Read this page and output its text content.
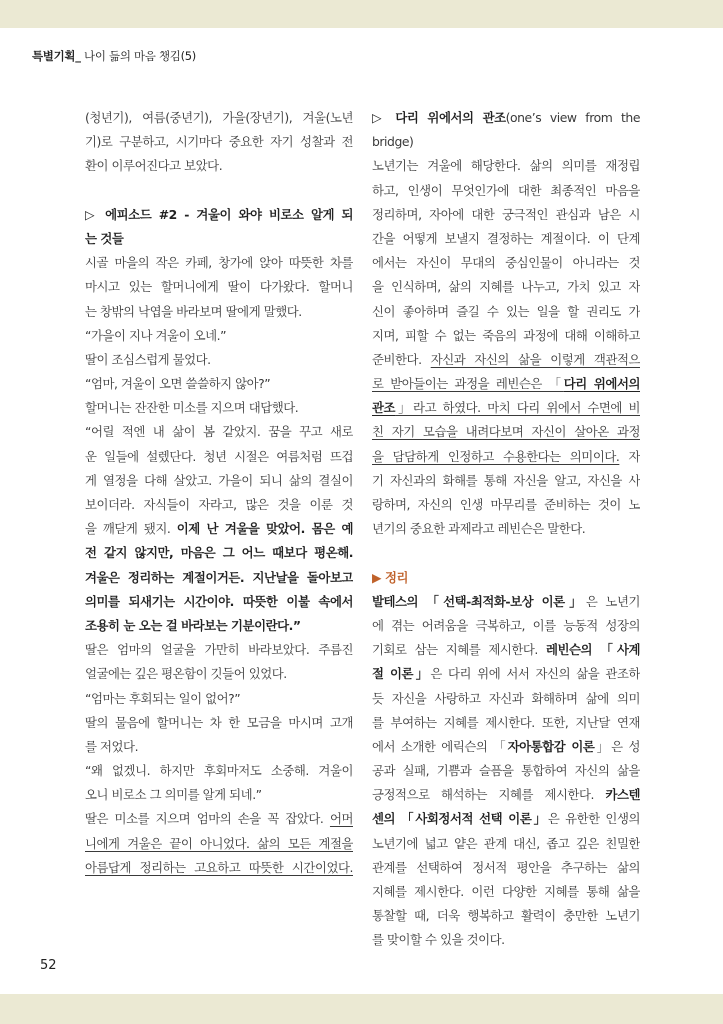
특별기획_ 나이 듦의 마음 챙김(5)
(청년기), 여름(중년기), 가을(장년기), 겨울(노년
기)로 구분하고, 시기마다 중요한 자기 성찰과 전
환이 이루어진다고 보았다.
▷ 에피소드 #2 - 겨울이 와야 비로소 알게 되
는 것들
시골 마을의 작은 카페, 창가에 앉아 따뜻한 차를
마시고 있는 할머니에게 딸이 다가왔다. 할머니
는 창밖의 낙엽을 바라보며 딸에게 말했다.
“가을이 지나 겨울이 오네.”
딸이 조심스럽게 물었다.
“엄마, 겨울이 오면 쓸쓸하지 않아?”
할머니는 잔잔한 미소를 지으며 대답했다.
“어릴 적엔 내 삶이 봄 같았지. 꿈을 꾸고 새로
운 일들에 설렜단다. 청년 시절은 여름처럼 뜨겁
게 열정을 다해 살았고. 가을이 되니 삶의 결실이
보이더라. 자식들이 자라고, 많은 것을 이룬 것
을 깨닫게 됐지. 이제 난 겨울을 맞았어. 몸은 예
전 같지 않지만, 마음은 그 어느 때보다 평온해.
겨울은 정리하는 계절이거든. 지난날을 돌아보고
의미를 되새기는 시간이야. 따뜻한 이불 속에서
조용히 눈 오는 걸 바라보는 기분이란다.”
딸은 엄마의 얼굴을 가만히 바라보았다. 주름진
얼굴에는 깊은 평온함이 깃들어 있었다.
“엄마는 후회되는 일이 없어?”
딸의 물음에 할머니는 차 한 모금을 마시며 고개
를 저었다.
“왜 없겠니. 하지만 후회마저도 소중해. 겨울이
오니 비로소 그 의미를 알게 되네.”
딸은 미소를 지으며 엄마의 손을 꼭 잡았다. 어머
니에게 겨울은 끝이 아니었다. 삶의 모든 계절을
아름답게 정리하는 고요하고 따뜻한 시간이었다.
▷ 다리 위에서의 관조(one’s view from the
bridge)
노년기는 겨울에 해당한다. 삶의 의미를 재정립
하고, 인생이 무엇인가에 대한 최종적인 마음을
정리하며, 자아에 대한 궁극적인 관심과 남은 시
간을 어떻게 보낼지 결정하는 계절이다. 이 단계
에서는 자신이 무대의 중심인물이 아니라는 것
을 인식하며, 삶의 지혜를 나누고, 가치 있고 자
신이 좋아하며 즐길 수 있는 일을 할 권리도 가
지며, 피할 수 없는 죽음의 과정에 대해 이해하고
준비한다. 자신과 자신의 삶을 이렇게 객관적으
로 받아들이는 과정을 레빈슨은 「다리 위에서의
관조」라고 하였다. 마치 다리 위에서 수면에 비
친 자기 모습을 내려다보며 자신이 살아온 과정
을 담담하게 인정하고 수용한다는 의미이다. 자
기 자신과의 화해를 통해 자신을 알고, 자신을 사
랑하며, 자신의 인생 마무리를 준비하는 것이 노
년기의 중요한 과제라고 레빈슨은 말한다.
▶ 정리
발테스의 「선택-최적화-보상 이론」은 노년기
에 겪는 어려움을 극복하고, 이를 능동적 성장의
기회로 삼는 지혜를 제시한다. 레빈슨의 「사계
절 이론」은 다리 위에 서서 자신의 삶을 관조하
듯 자신을 사랑하고 자신과 화해하며 삶에 의미
를 부여하는 지혜를 제시한다. 또한, 지난달 연재
에서 소개한 에릭슨의 「자아통합감 이론」은 성
공과 실패, 기쁨과 슬픔을 통합하여 자신의 삶을
긍정적으로 해석하는 지혜를 제시한다. 카스텐
센의 「사회정서적 선택 이론」은 유한한 인생의
노년기에 넓고 얕은 관계 대신, 좁고 깊은 친밀한
관계를 선택하여 정서적 평안을 추구하는 삶의
지혜를 제시한다. 이런 다양한 지혜를 통해 삶을
통찰할 때, 더욱 행복하고 활력이 충만한 노년기
를 맞이할 수 있을 것이다.
52
